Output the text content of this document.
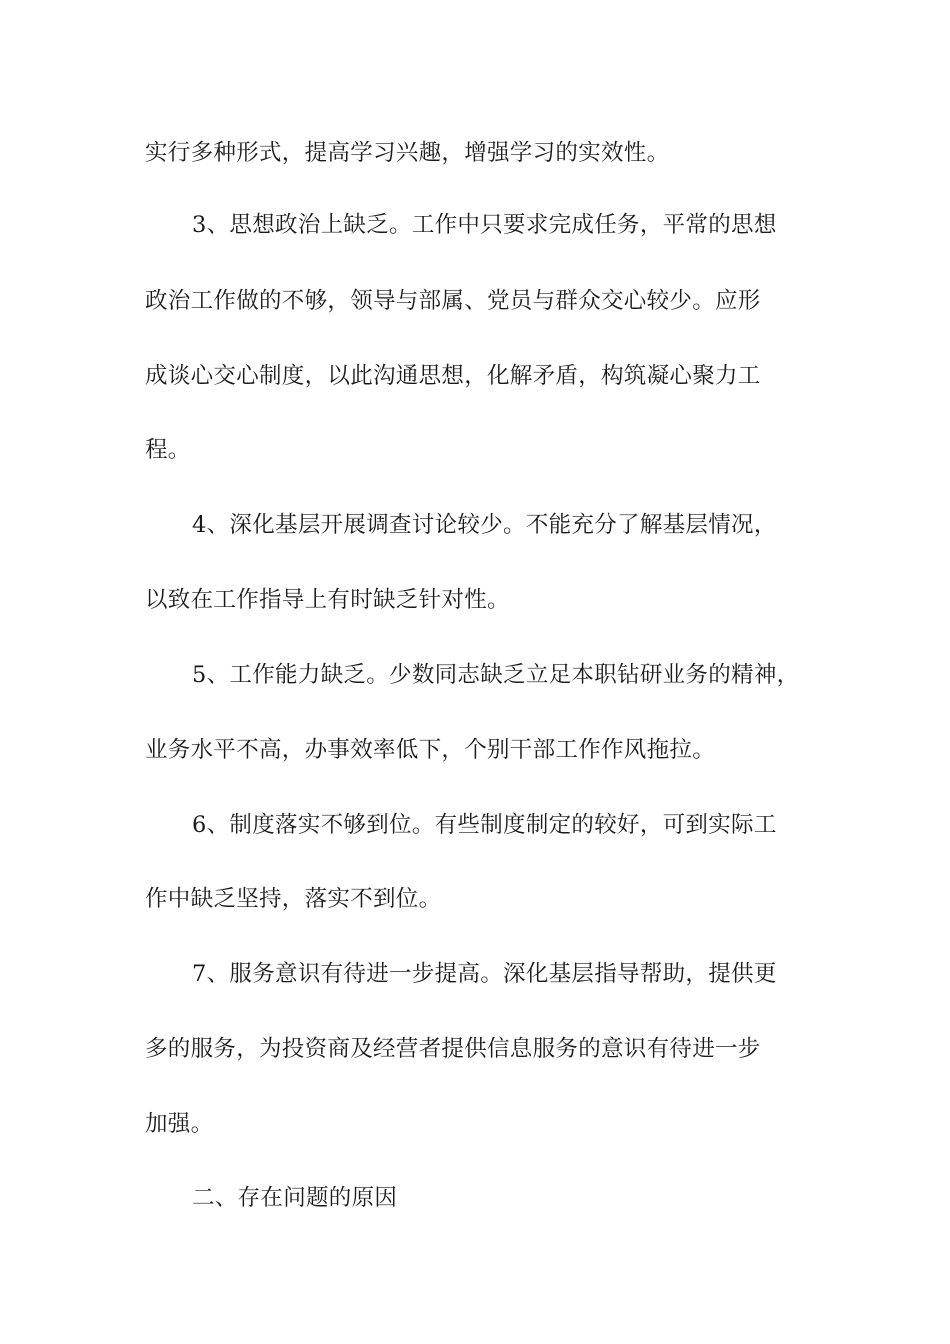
实行多种形式，提高学习兴趣，增强学习的实效性。
3、思想政治上缺乏。工作中只要求完成任务，平常的思想
政治工作做的不够，领导与部属、党员与群众交心较少。应形
成谈心交心制度，以此沟通思想，化解矛盾，构筑凝心聚力工
程。
4、深化基层开展调查讨论较少。不能充分了解基层情况，
以致在工作指导上有时缺乏针对性。
5、工作能力缺乏。少数同志缺乏立足本职钻研业务的精神，
业务水平不高，办事效率低下，个别干部工作作风拖拉。
6、制度落实不够到位。有些制度制定的较好，可到实际工
作中缺乏坚持，落实不到位。
7、服务意识有待进一步提高。深化基层指导帮助，提供更
多的服务，为投资商及经营者提供信息服务的意识有待进一步
加强。
二、存在问题的原因
